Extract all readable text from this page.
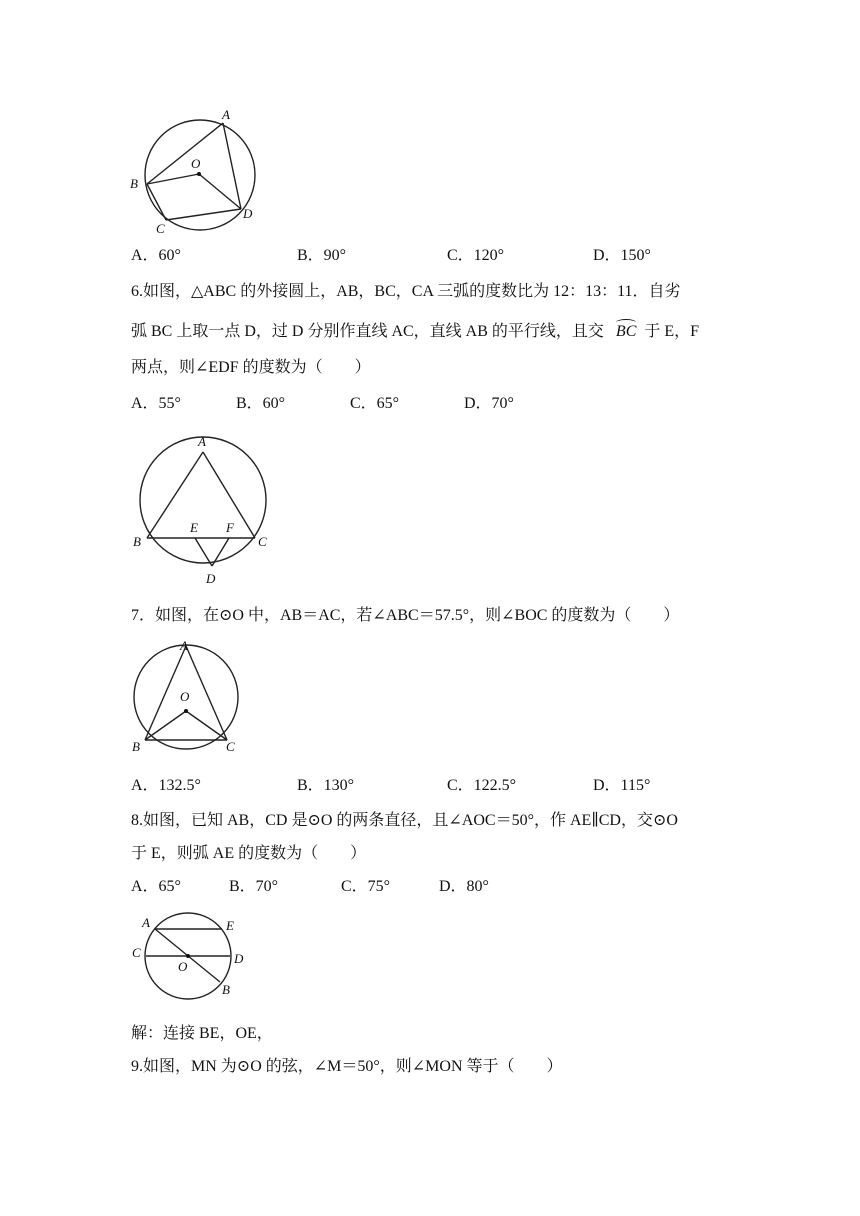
A
O
B
C
D
A．60°	B．90°	C．120°	D．150°
6.如图，△ABC 的外接圆上，AB，BC，CA 三弧的度数比为 12：13：11．自劣
弧 BC 上取一点 D，过 D 分别作直线 AC，直线 AB 的平行线，且交 BC 于 E，F
两点，则∠EDF 的度数为（　　）
A．55°	B．60°	C．65°	D．70°
A
E F
B	C
D
7．如图，在⊙O 中，AB＝AC，若∠ABC＝57.5°，则∠BOC 的度数为（　　）
A
O
B	C
A．132.5°	B．130°	C．122.5°	D．115°
8.如图，已知 AB，CD 是⊙O 的两条直径，且∠AOC＝50°，作 AE∥CD，交⊙O
于 E，则弧 AE 的度数为（　　）
A．65°	B．70°	C．75°	D．80°
A	E
C	D
O
B
解：连接 BE，OE，
9.如图，MN 为⊙O 的弦，∠M＝50°，则∠MON 等于（　　）
